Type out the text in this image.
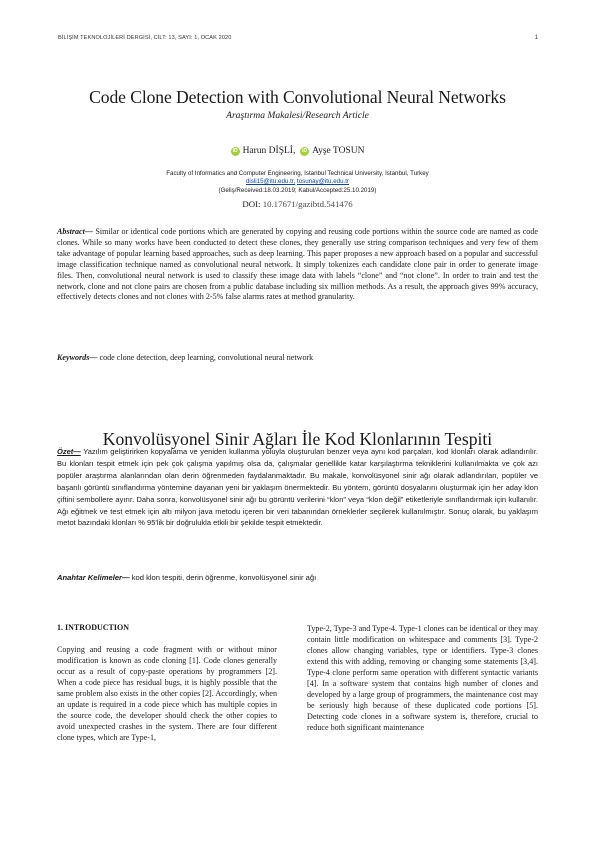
BİLİŞİM TEKNOLOJİLERİ DERGİSİ, CİLT: 13, SAYI: 1, OCAK 2020	1
Code Clone Detection with Convolutional Neural Networks
Araştırma Makalesi/Research Article
iD Harun DİŞLİ, iD Ayşe TOSUN
Faculty of Informatics and Computer Engineering, Istanbul Technical University, Istanbul, Turkey
disli15@itu.edu.tr, tosunay@itu.edu.tr
(Geliş/Received:18.03.2019; Kabul/Accepted:25.10.2019)
DOI: 10.17671/gazibtd.541476
Abstract— Similar or identical code portions which are generated by copying and reusing code portions within the source code are named as code clones. While so many works have been conducted to detect these clones, they generally use string comparison techniques and very few of them take advantage of popular learning based approaches, such as deep learning. This paper proposes a new approach based on a popular and successful image classification technique named as convolutional neural network. It simply tokenizes each candidate clone pair in order to generate image files. Then, convolutional neural network is used to classify these image data with labels “clone” and “not clone”. In order to train and test the network, clone and not clone pairs are chosen from a public database including six million methods. As a result, the approach gives 99% accuracy, effectively detects clones and not clones with 2-5% false alarms rates at method granularity.
Keywords— code clone detection, deep learning, convolutional neural network
Konvolüsyonel Sinir Ağları İle Kod Klonlarının Tespiti
Özet— Yazılım geliştirirken kopyalama ve yeniden kullanma yoluyla oluşturulan benzer veya aynı kod parçaları, kod klonları olarak adlandırılır. Bu klonları tespit etmek için pek çok çalışma yapılmış olsa da, çalışmalar genellikle katar karşılaştırma tekniklerini kullanılmakta ve çok azı popüler araştırma alanlarından olan derin öğrenmeden faydalanmaktadır. Bu makale, konvolüsyonel sinir ağı olarak adlandırılan, popüler ve başarılı görüntü sınıflandırma yöntemine dayanan yeni bir yaklaşım önermektedir. Bu yöntem, görüntü dosyalarını oluşturmak için her aday klon çiftini sembollere ayırır. Daha sonra, konvolüsyonel sinir ağı bu görüntü verilerini “klon” veya “klon değil” etiketleriyle sınıflandırmak için kullanılır. Ağı eğitmek ve test etmek için altı milyon java metodu içeren bir veri tabanından örneklerler seçilerek kullanılmıştır. Sonuç olarak, bu yaklaşım metot bazındaki klonları % 95'lik bir doğrulukla etkili bir şekilde tespit etmektedir.
Anahtar Kelimeler— kod klon tespiti, derin öğrenme, konvolüsyonel sinir ağı
1. INTRODUCTION
Copying and reusing a code fragment with or without minor modification is known as code cloning [1]. Code clones generally occur as a result of copy-paste operations by programmers [2]. When a code piece has residual bugs, it is highly possible that the same problem also exists in the other copies [2]. Accordingly, when an update is required in a code piece which has multiple copies in the source code, the developer should check the other copies to avoid unexpected crashes in the system. There are four different clone types, which are Type-1,
Type-2, Type-3 and Type-4. Type-1 clones can be identical or they may contain little modification on whitespace and comments [3]. Type-2 clones allow changing variables, type or identifiers. Type-3 clones extend this with adding, removing or changing some statements [3,4]. Type-4 clone perform same operation with different syntactic variants [4]. In a software system that contains high number of clones and developed by a large group of programmers, the maintenance cost may be seriously high because of these duplicated code portions [5]. Detecting code clones in a software system is, therefore, crucial to reduce both significant maintenance
